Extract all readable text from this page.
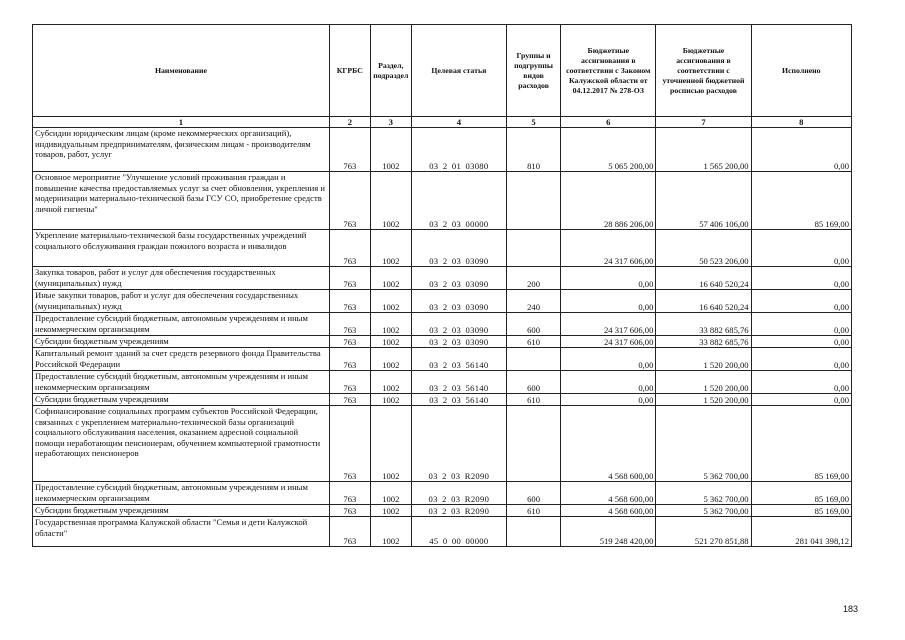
Наименование	КГРБС	Раздел, подраздел	Целевая статья	Группы и подгруппы видов расходов	Бюджетные ассигнования в соответствии с Законом Калужской области от 04.12.2017 № 278-ОЗ	Бюджетные ассигнования в соответствии с уточненной бюджетной росписью расходов	Исполнено
1	2	3	4	5	6	7	8
Субсидии юридическим лицам (кроме некоммерческих организаций), индивидуальным предпринимателям, физическим лицам - производителям товаров, работ, услуг	763	1002	03 2 01 03080	810	5 065 200,00	1 565 200,00	0,00
Основное мероприятие "Улучшение условий проживания граждан и повышение качества предоставляемых услуг за счет обновления, укрепления и модернизации материально-технической базы ГСУ СО, приобретение средств личной гигиены"	763	1002	03 2 03 00000		28 886 206,00	57 406 106,00	85 169,00
Укрепление материально-технической базы государственных учреждений социального обслуживания граждан пожилого возраста и инвалидов	763	1002	03 2 03 03090		24 317 606,00	50 523 206,00	0,00
Закупка товаров, работ и услуг для обеспечения государственных (муниципальных) нужд	763	1002	03 2 03 03090	200	0,00	16 640 520,24	0,00
Иные закупки товаров, работ и услуг для обеспечения государственных (муниципальных) нужд	763	1002	03 2 03 03090	240	0,00	16 640 520,24	0,00
Предоставление субсидий бюджетным, автономным учреждениям и иным некоммерческим организациям	763	1002	03 2 03 03090	600	24 317 606,00	33 882 685,76	0,00
Субсидии бюджетным учреждениям	763	1002	03 2 03 03090	610	24 317 606,00	33 882 685,76	0,00
Капитальный ремонт зданий за счет средств резервного фонда Правительства Российской Федерации	763	1002	03 2 03 56140		0,00	1 520 200,00	0,00
Предоставление субсидий бюджетным, автономным учреждениям и иным некоммерческим организациям	763	1002	03 2 03 56140	600	0,00	1 520 200,00	0,00
Субсидии бюджетным учреждениям	763	1002	03 2 03 56140	610	0,00	1 520 200,00	0,00
Софинансирование социальных программ субъектов Российской Федерации, связанных с укреплением материально-технической базы организаций социального обслуживания населения, оказанием адресной социальной помощи неработающим пенсионерам, обучением компьютерной грамотности неработающих пенсионеров	763	1002	03 2 03 R2090		4 568 600,00	5 362 700,00	85 169,00
Предоставление субсидий бюджетным, автономным учреждениям и иным некоммерческим организациям	763	1002	03 2 03 R2090	600	4 568 600,00	5 362 700,00	85 169,00
Субсидии бюджетным учреждениям	763	1002	03 2 03 R2090	610	4 568 600,00	5 362 700,00	85 169,00
Государственная программа Калужской области "Семья и дети Калужской области"	763	1002	45 0 00 00000		519 248 420,00	521 270 851,88	281 041 398,12
183
